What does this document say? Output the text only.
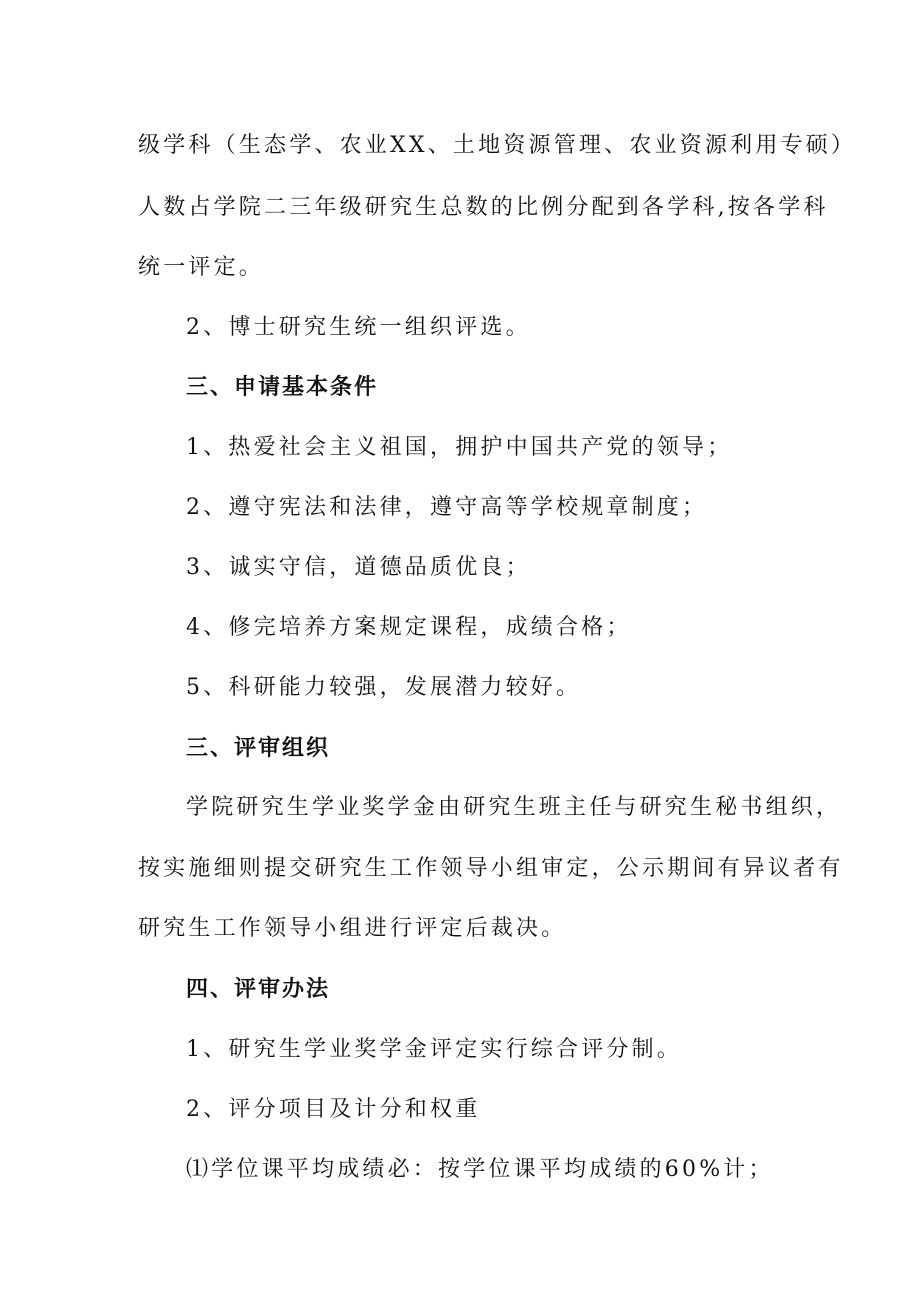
级学科（生态学、农业XX、土地资源管理、农业资源利用专硕）
人数占学院二三年级研究生总数的比例分配到各学科,按各学科
统一评定。
2、博士研究生统一组织评选。
三、申请基本条件
1、热爱社会主义祖国，拥护中国共产党的领导；
2、遵守宪法和法律，遵守高等学校规章制度；
3、诚实守信，道德品质优良；
4、修完培养方案规定课程，成绩合格；
5、科研能力较强，发展潜力较好。
三、评审组织
学院研究生学业奖学金由研究生班主任与研究生秘书组织，
按实施细则提交研究生工作领导小组审定，公示期间有异议者有
研究生工作领导小组进行评定后裁决。
四、评审办法
1、研究生学业奖学金评定实行综合评分制。
2、评分项目及计分和权重
⑴学位课平均成绩必：按学位课平均成绩的60%计；
